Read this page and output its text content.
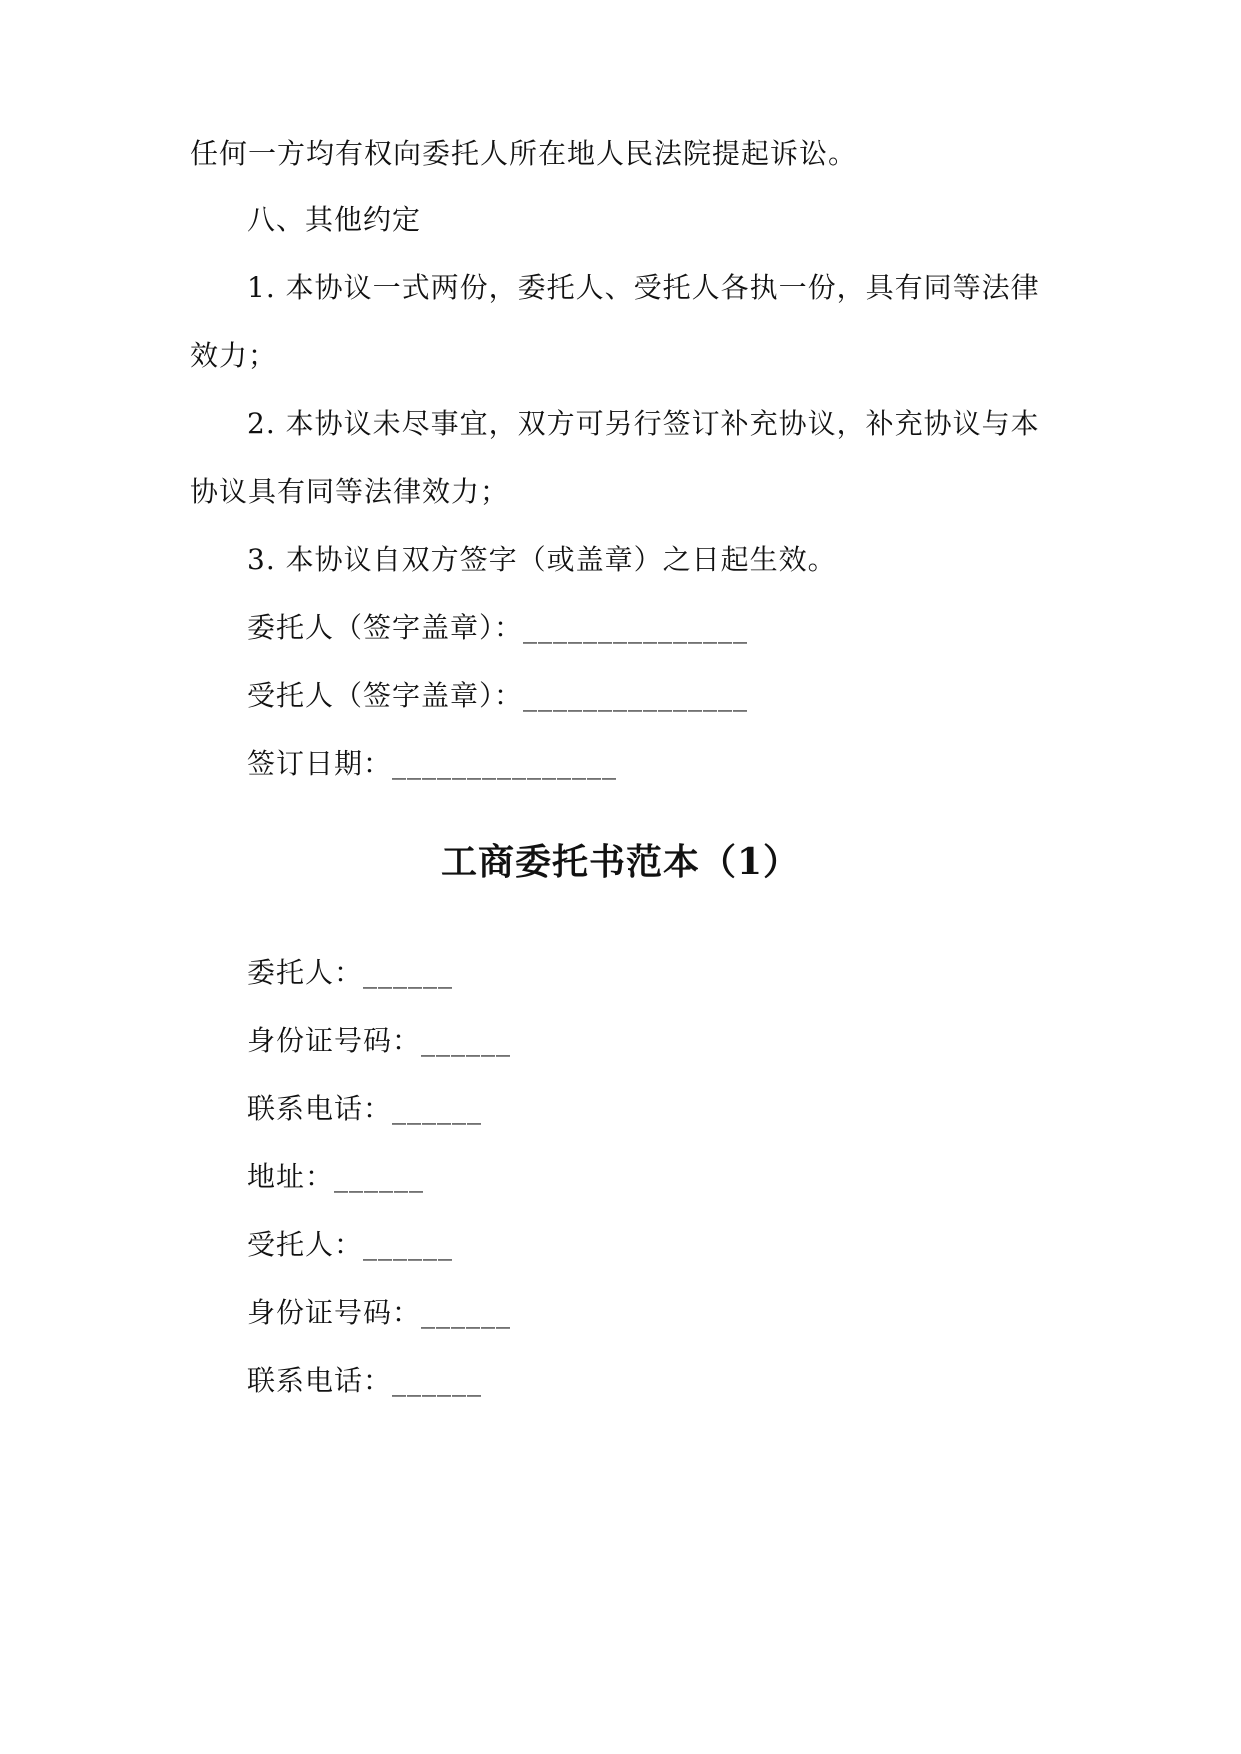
任何一方均有权向委托人所在地人民法院提起诉讼。
八、其他约定
1. 本协议一式两份，委托人、受托人各执一份，具有同等法律
效力；
2. 本协议未尽事宜，双方可另行签订补充协议，补充协议与本
协议具有同等法律效力；
3. 本协议自双方签字（或盖章）之日起生效。
委托人（签字盖章）：_______________
受托人（签字盖章）：_______________
签订日期：_______________
工商委托书范本（1）
委托人：______
身份证号码：______
联系电话：______
地址：______
受托人：______
身份证号码：______
联系电话：______
